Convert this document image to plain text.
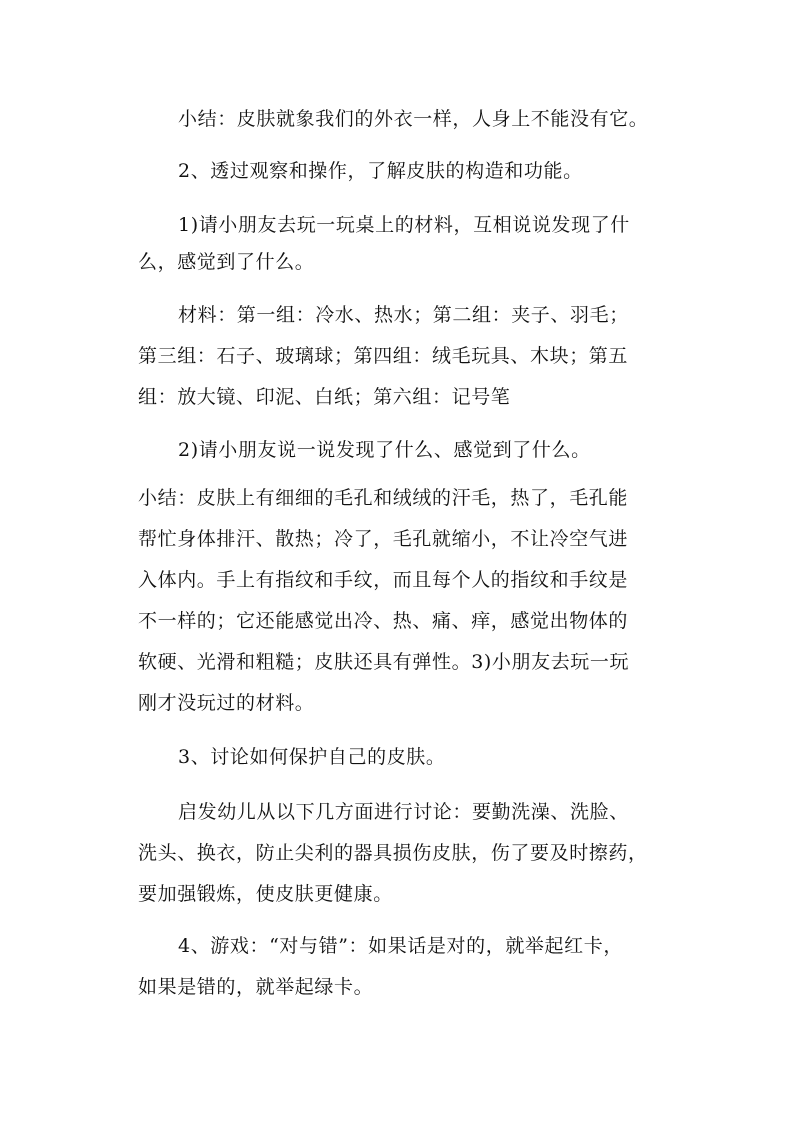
小结：皮肤就象我们的外衣一样，人身上不能没有它。
2、透过观察和操作，了解皮肤的构造和功能。
1)请小朋友去玩一玩桌上的材料，互相说说发现了什
么，感觉到了什么。
材料：第一组：冷水、热水；第二组：夹子、羽毛；
第三组：石子、玻璃球；第四组：绒毛玩具、木块；第五
组：放大镜、印泥、白纸；第六组：记号笔
2)请小朋友说一说发现了什么、感觉到了什么。
小结：皮肤上有细细的毛孔和绒绒的汗毛，热了，毛孔能
帮忙身体排汗、散热；冷了，毛孔就缩小，不让冷空气进
入体内。手上有指纹和手纹，而且每个人的指纹和手纹是
不一样的；它还能感觉出冷、热、痛、痒，感觉出物体的
软硬、光滑和粗糙；皮肤还具有弹性。3)小朋友去玩一玩
刚才没玩过的材料。
3、讨论如何保护自己的皮肤。
启发幼儿从以下几方面进行讨论：要勤洗澡、洗脸、
洗头、换衣，防止尖利的器具损伤皮肤，伤了要及时擦药，
要加强锻炼，使皮肤更健康。
4、游戏：“对与错”：如果话是对的，就举起红卡，
如果是错的，就举起绿卡。
